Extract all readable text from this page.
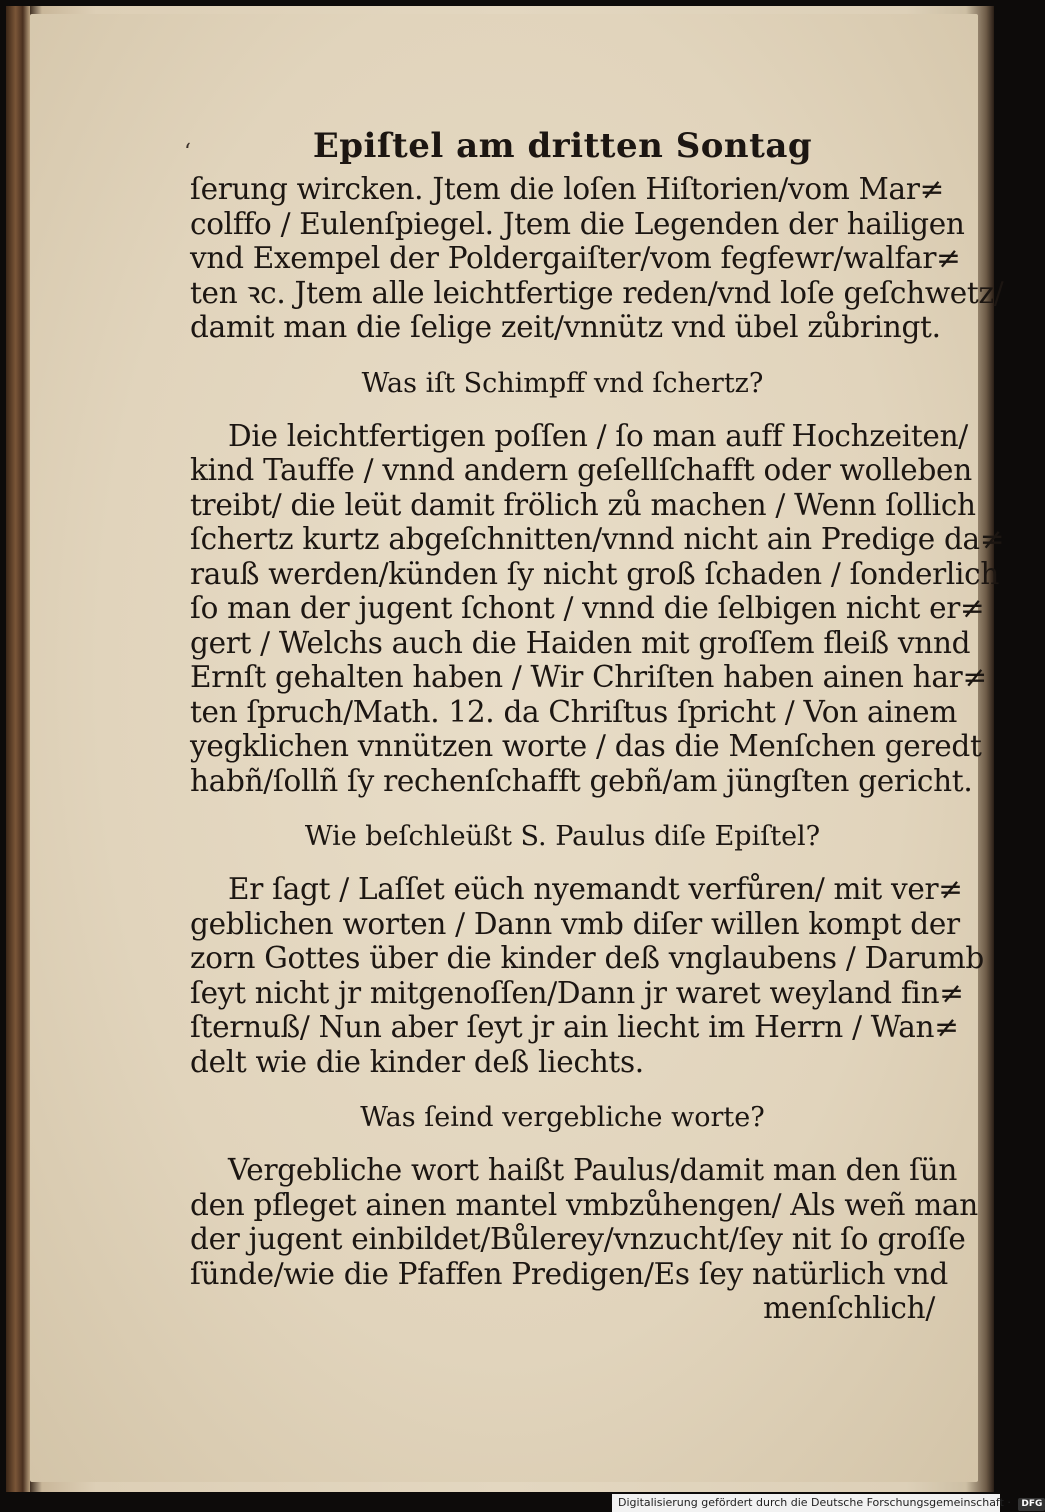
ʻ	Epiſtel am dritten Sontag
ſerung wircken. Jtem die loſen Hiſtorien/vom Mar≠
colffo / Eulenſpiegel. Jtem die Legenden der hailigen
vnd Exempel der Poldergaiſter/vom fegfewr/walfar≠
ten ꝛc. Jtem alle leichtfertige reden/vnd loſe geſchwetz/
damit man die ſelige zeit/vnnütz vnd übel zůbringt.
Was iſt Schimpff vnd ſchertz?
Die leichtfertigen poſſen / ſo man auff Hochzeiten/
kind Tauffe / vnnd andern geſellſchafft oder wolleben
treibt/ die leüt damit frölich zů machen / Wenn ſollich
ſchertz kurtz abgeſchnitten/vnnd nicht ain Predige da≠
rauß werden/künden ſy nicht groß ſchaden / ſonderlich
ſo man der jugent ſchont / vnnd die ſelbigen nicht er≠
gert / Welchs auch die Haiden mit groſſem fleiß vnnd
Ernſt gehalten haben / Wir Chriſten haben ainen har≠
ten ſpruch/Math. 12. da Chriſtus ſpricht / Von ainem
yegklichen vnnützen worte / das die Menſchen geredt
habñ/ſollñ ſy rechenſchafft gebñ/am jüngſten gericht.
Wie beſchleüßt S. Paulus diſe Epiſtel?
Er ſagt / Laſſet eüch nyemandt verfůren/ mit ver≠
geblichen worten / Dann vmb diſer willen kompt der
zorn Gottes über die kinder deß vnglaubens / Darumb
ſeyt nicht jr mitgenoſſen/Dann jr waret weyland fin≠
ſternuß/ Nun aber ſeyt jr ain liecht im Herrn / Wan≠
delt wie die kinder deß liechts.
Was ſeind vergebliche worte?
Vergebliche wort haißt Paulus/damit man den ſün
den pfleget ainen mantel vmbzůhengen/ Als weñ man
der jugent einbildet/Bůlerey/vnzucht/ſey nit ſo groſſe
ſünde/wie die Pfaffen Predigen/Es ſey natürlich vnd
menſchlich/
Digitalisierung gefördert durch die Deutsche Forschungsgemeinschaft · DFG
